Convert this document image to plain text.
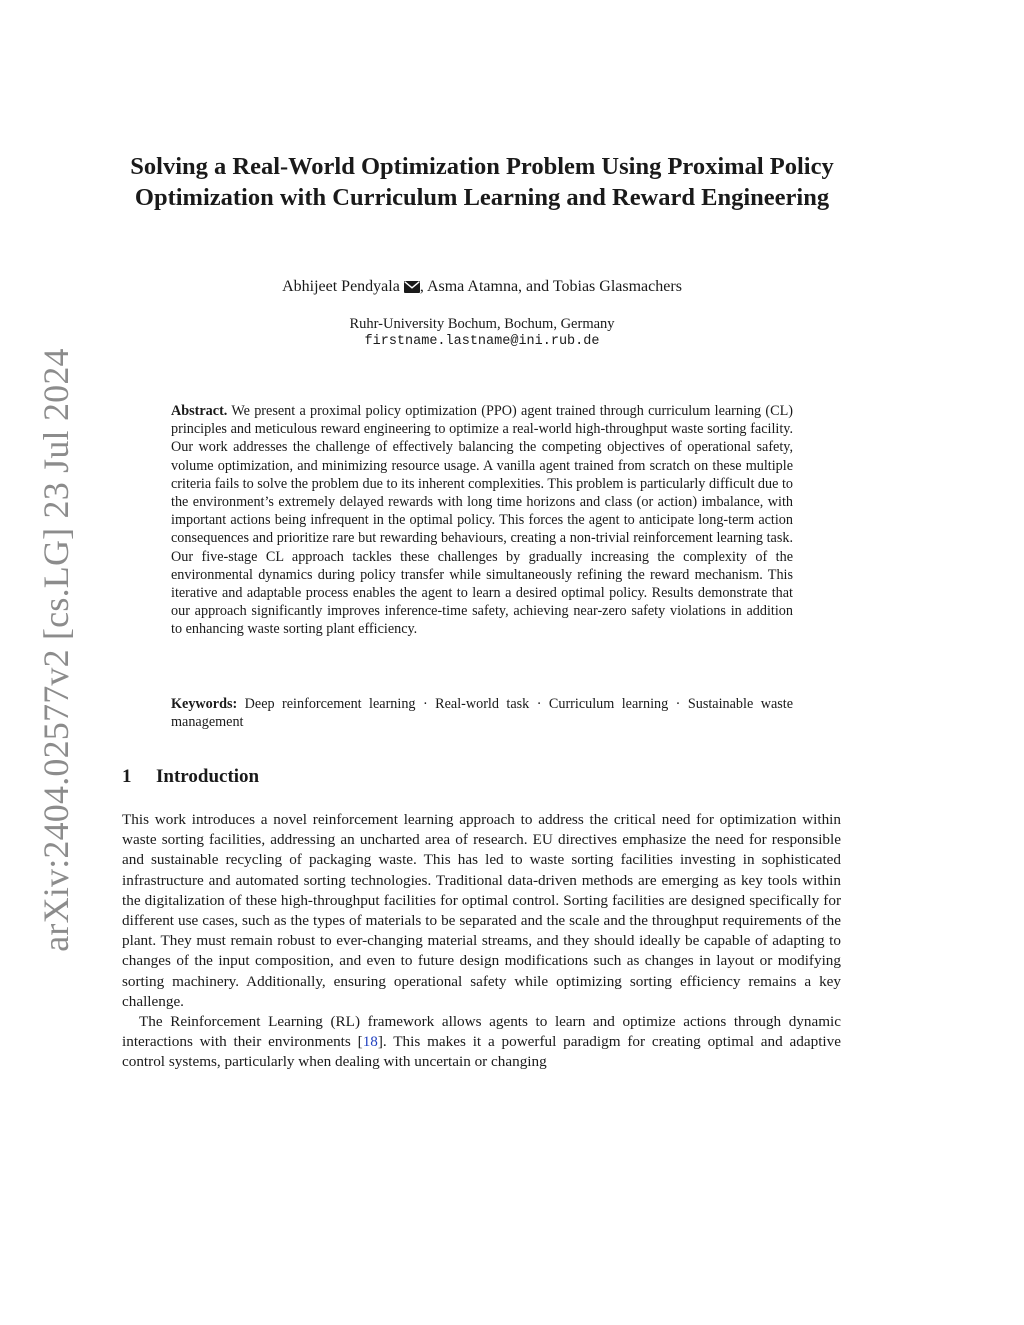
arXiv:2404.02577v2 [cs.LG] 23 Jul 2024
Solving a Real-World Optimization Problem Using Proximal Policy Optimization with Curriculum Learning and Reward Engineering
Abhijeet Pendyala , Asma Atamna, and Tobias Glasmachers
Ruhr-University Bochum, Bochum, Germany
firstname.lastname@ini.rub.de

Abstract. We present a proximal policy optimization (PPO) agent trained through curriculum learning (CL) principles and meticulous reward engineering to optimize a real-world high-throughput waste sorting facility. Our work addresses the challenge of effectively balancing the competing objectives of operational safety, volume optimization, and minimizing resource usage. A vanilla agent trained from scratch on these multiple criteria fails to solve the problem due to its inherent complexities. This problem is particularly difficult due to the environment’s extremely delayed rewards with long time horizons and class (or action) imbalance, with important actions being infrequent in the optimal policy. This forces the agent to anticipate long-term action consequences and prioritize rare but rewarding behaviours, creating a non-trivial reinforcement learning task. Our five-stage CL approach tackles these challenges by gradually increasing the complexity of the environmental dynamics during policy transfer while simultaneously refining the reward mechanism. This iterative and adaptable process enables the agent to learn a desired optimal policy. Results demonstrate that our approach significantly improves inference-time safety, achieving near-zero safety violations in addition to enhancing waste sorting plant efficiency.

Keywords: Deep reinforcement learning · Real-world task · Curriculum learning · Sustainable waste management

1 Introduction

This work introduces a novel reinforcement learning approach to address the critical need for optimization within waste sorting facilities, addressing an uncharted area of research. EU directives emphasize the need for responsible and sustainable recycling of packaging waste. This has led to waste sorting facilities investing in sophisticated infrastructure and automated sorting technologies. Traditional data-driven methods are emerging as key tools within the digitalization of these high-throughput facilities for optimal control. Sorting facilities are designed specifically for different use cases, such as the types of materials to be separated and the scale and the throughput requirements of the plant. They must remain robust to ever-changing material streams, and they should ideally be capable of adapting to changes of the input composition, and even to future design modifications such as changes in layout or modifying sorting machinery. Additionally, ensuring operational safety while optimizing sorting efficiency remains a key challenge.

The Reinforcement Learning (RL) framework allows agents to learn and optimize actions through dynamic interactions with their environments [18]. This makes it a powerful paradigm for creating optimal and adaptive control systems, particularly when dealing with uncertain or changing
